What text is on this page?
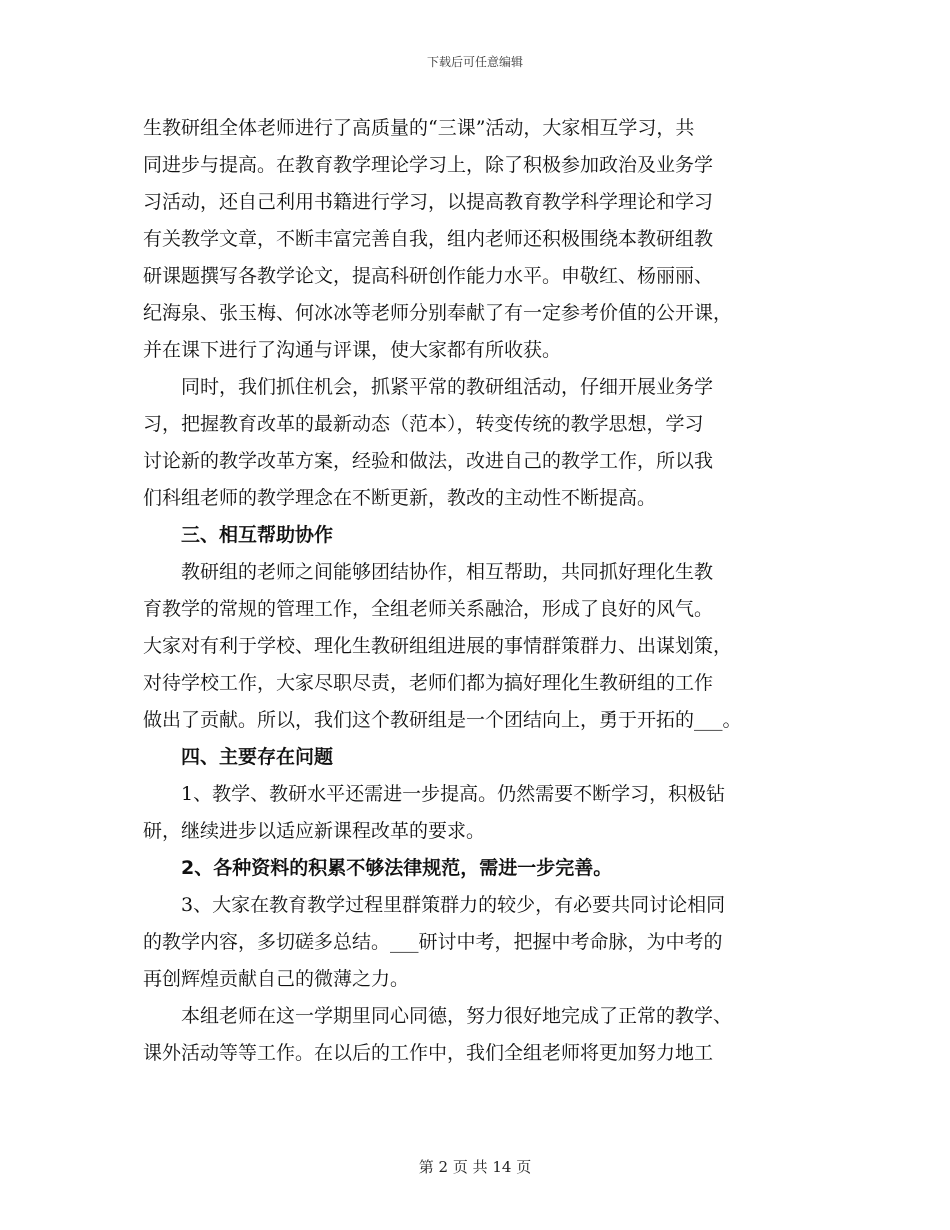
下载后可任意编辑

生教研组全体老师进行了高质量的“三课”活动，大家相互学习，共

同进步与提高。在教育教学理论学习上，除了积极参加政治及业务学

习活动，还自己利用书籍进行学习，以提高教育教学科学理论和学习

有关教学文章，不断丰富完善自我，组内老师还积极围绕本教研组教

研课题撰写各教学论文，提高科研创作能力水平。申敬红、杨丽丽、

纪海泉、张玉梅、何冰冰等老师分别奉献了有一定参考价值的公开课，

并在课下进行了沟通与评课，使大家都有所收获。

同时，我们抓住机会，抓紧平常的教研组活动，仔细开展业务学

习，把握教育改革的最新动态（范本），转变传统的教学思想，学习

讨论新的教学改革方案，经验和做法，改进自己的教学工作，所以我

们科组老师的教学理念在不断更新，教改的主动性不断提高。

三、相互帮助协作

教研组的老师之间能够团结协作，相互帮助，共同抓好理化生教

育教学的常规的管理工作，全组老师关系融洽，形成了良好的风气。

大家对有利于学校、理化生教研组组进展的事情群策群力、出谋划策，

对待学校工作，大家尽职尽责，老师们都为搞好理化生教研组的工作

做出了贡献。所以，我们这个教研组是一个团结向上，勇于开拓的___。

四、主要存在问题

1、教学、教研水平还需进一步提高。仍然需要不断学习，积极钻

研，继续进步以适应新课程改革的要求。

2、各种资料的积累不够法律规范，需进一步完善。

3、大家在教育教学过程里群策群力的较少，有必要共同讨论相同

的教学内容，多切磋多总结。___研讨中考，把握中考命脉，为中考的

再创辉煌贡献自己的微薄之力。

本组老师在这一学期里同心同德，努力很好地完成了正常的教学、

课外活动等等工作。在以后的工作中，我们全组老师将更加努力地工

第 2 页 共 14 页
